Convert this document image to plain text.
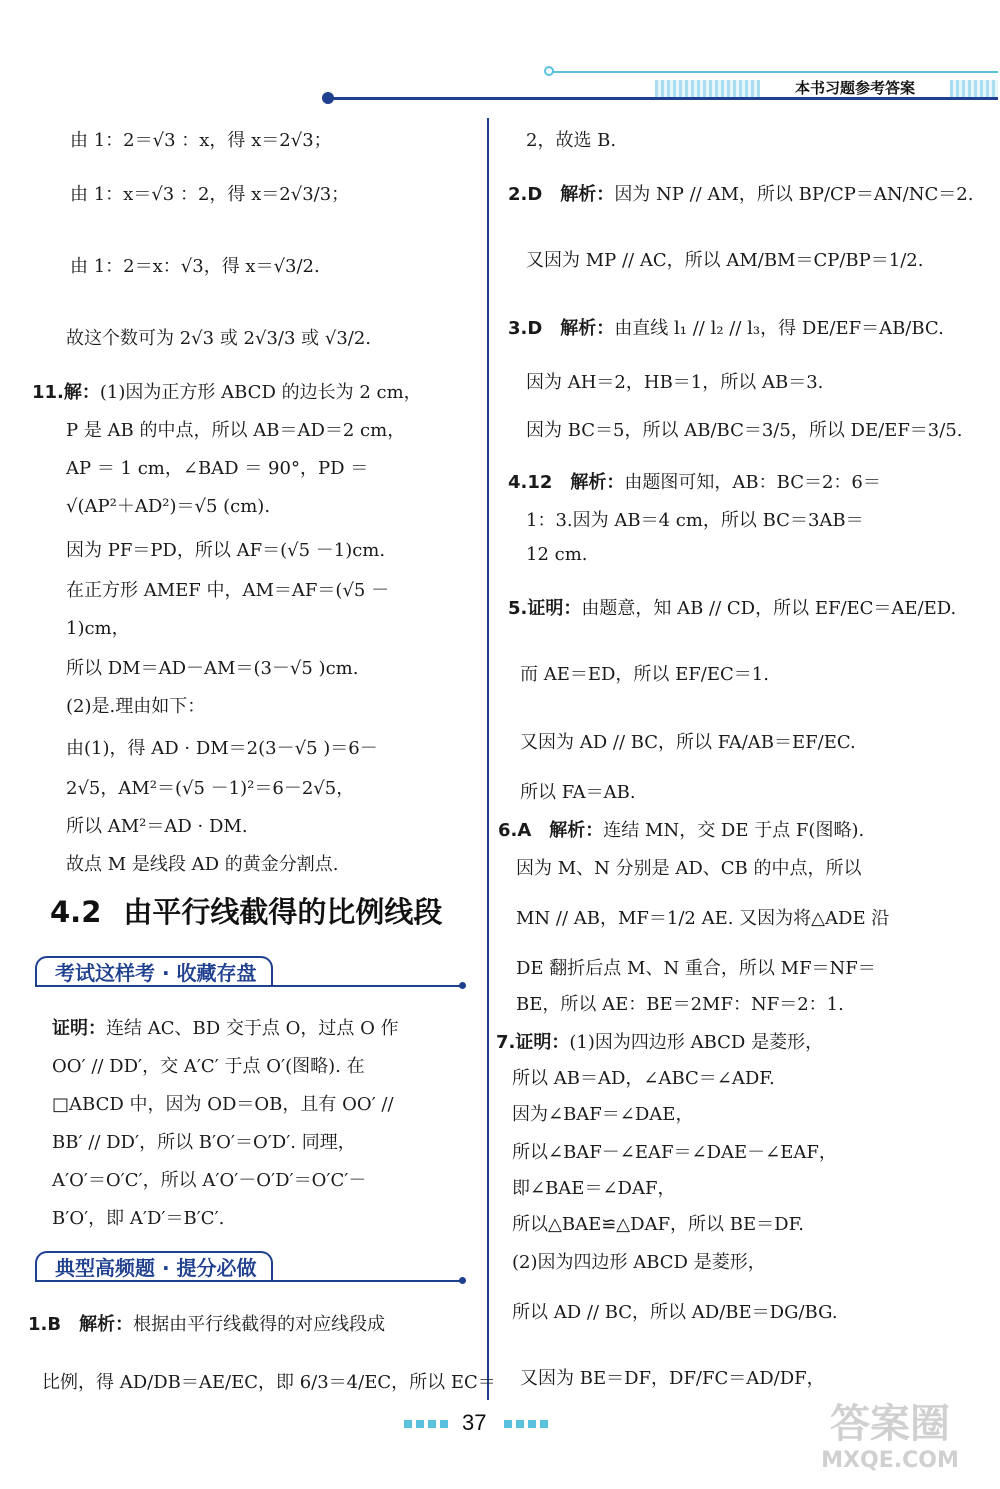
本书习题参考答案
由 1：2＝√3 ：x，得 x＝2√3；
由 1：x＝√3 ：2，得 x＝2√3/3；
由 1：2＝x：√3，得 x＝√3/2.
故这个数可为 2√3 或 2√3/3 或 √3/2.
11.解：(1)因为正方形 ABCD 的边长为 2 cm，
P 是 AB 的中点，所以 AB＝AD＝2 cm，
AP ＝ 1 cm，∠BAD ＝ 90°，PD ＝
√(AP²＋AD²)＝√5 (cm).
因为 PF＝PD，所以 AF＝(√5 －1)cm.
在正方形 AMEF 中，AM＝AF＝(√5 －
1)cm，
所以 DM＝AD－AM＝(3－√5 )cm.
(2)是.理由如下：
由(1)，得 AD · DM＝2(3－√5 )＝6－
2√5，AM²＝(√5 －1)²＝6－2√5，
所以 AM²＝AD · DM.
故点 M 是线段 AD 的黄金分割点.
4.2 由平行线截得的比例线段
考试这样考 · 收藏存盘
证明：连结 AC、BD 交于点 O，过点 O 作
OO′ // DD′，交 A′C′ 于点 O′(图略). 在
□ABCD 中，因为 OD＝OB，且有 OO′ //
BB′ // DD′，所以 B′O′＝O′D′. 同理，
A′O′＝O′C′，所以 A′O′－O′D′＝O′C′－
B′O′，即 A′D′＝B′C′.
典型高频题 · 提分必做
1.B　解析：根据由平行线截得的对应线段成
比例，得 AD/DB＝AE/EC，即 6/3＝4/EC，所以 EC＝
2，故选 B.
2.D　解析：因为 NP // AM，所以 BP/CP＝AN/NC＝2.
又因为 MP // AC，所以 AM/BM＝CP/BP＝1/2.
3.D　解析：由直线 l₁ // l₂ // l₃，得 DE/EF＝AB/BC.
因为 AH＝2，HB＝1，所以 AB＝3.
因为 BC＝5，所以 AB/BC＝3/5，所以 DE/EF＝3/5.
4.12　解析：由题图可知，AB：BC＝2：6＝
1：3.因为 AB＝4 cm，所以 BC＝3AB＝
12 cm.
5.证明：由题意，知 AB // CD，所以 EF/EC＝AE/ED.
而 AE＝ED，所以 EF/EC＝1.
又因为 AD // BC，所以 FA/AB＝EF/EC.
所以 FA＝AB.
6.A　解析：连结 MN，交 DE 于点 F(图略).
因为 M、N 分别是 AD、CB 的中点，所以
MN // AB，MF＝1/2 AE. 又因为将△ADE 沿
DE 翻折后点 M、N 重合，所以 MF＝NF＝
BE，所以 AE：BE＝2MF：NF＝2：1.
7.证明：(1)因为四边形 ABCD 是菱形，
所以 AB＝AD，∠ABC＝∠ADF.
因为∠BAF＝∠DAE，
所以∠BAF－∠EAF＝∠DAE－∠EAF，
即∠BAE＝∠DAF，
所以△BAE≌△DAF，所以 BE＝DF.
(2)因为四边形 ABCD 是菱形，
所以 AD // BC，所以 AD/BE＝DG/BG.
又因为 BE＝DF，DF/FC＝AD/DF，
37	答案圈
MXQE.COM
